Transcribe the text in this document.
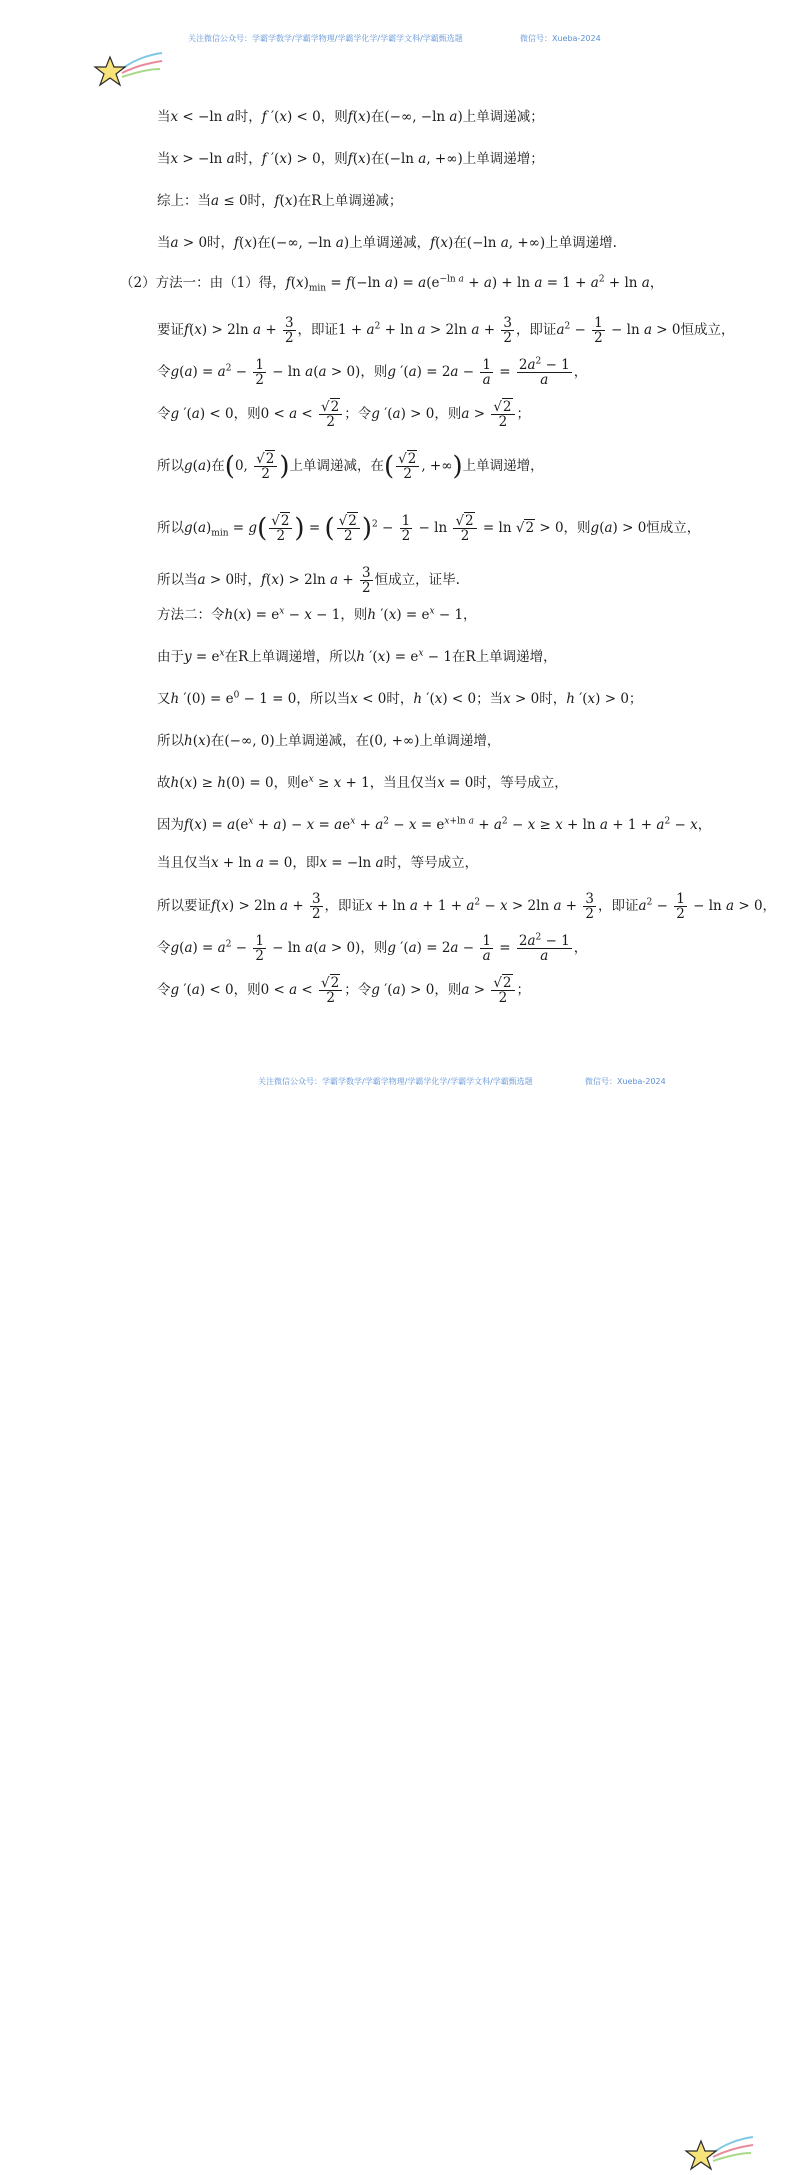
关注微信公众号：学霸学数学/学霸学物理/学霸学化学/学霸学文科/学霸甄选题	微信号：Xueba-2024
当x < −ln a时，f ′(x) < 0，则f(x)在(−∞, −ln a)上单调递减；
当x > −ln a时，f ′(x) > 0，则f(x)在(−ln a, +∞)上单调递增；
综上：当a ≤ 0时，f(x)在R上单调递减；
当a > 0时，f(x)在(−∞, −ln a)上单调递减，f(x)在(−ln a, +∞)上单调递增.
（2）方法一：由（1）得，$f(x)_{min} = f(-\ln$ $a) = a(e^{-ln a} + a) + \ln a = 1 + a^2 + \ln a$，
要证f(x) > 2ln $a + \frac{3}{2}$ ，即证$1 + a^2 + \ln a > 2\ln$ $a + \frac{3}{2}$ ，即证$a^2 - \frac{1}{2} - \ln a > 0$恒成立，
令$g(a) = a^2 - \frac{1}{2} - \ln a(a > 0)$，则g $'(a) = 2a - \frac{1}{a} = \frac{2a^2 - 1}{a}$ ，
令g ′(a) < 0，则$0 < a < \frac{√2}{2}$ ；令g ′(a) > 0，则$a > \frac{√2}{2}$ ；
所以g(a)在(0, $\frac{√2}{2}$ )上单调递减，在( $\frac{√2}{2}$ , +∞)上单调递增，
所以$g(a)_{min} = g( \frac{√2}{2}$ ) = ( $\frac{√2}{2} )^2 - \frac{1}{2} - \ln \frac{√2}{2} = \ln √2 > 0$，则g(a) > 0恒成立，
所以当a > 0时，f(x) > 2ln $a + \frac{3}{2}$ 恒成立，证毕.
方法二：令$h(x) = e^x - x - 1$，则h $'(x) = e^x - 1$，
由于$y = e^x$在R上单调递增，所以h $'(x) = e^x - 1$在R上单调递增，
又h $'(0) = e^0 - 1 = 0$，所以当x < 0时，h ′(x) < 0；当x > 0时，h ′(x) > 0；
所以h(x)在(−∞, 0)上单调递减，在(0, +∞)上单调递增，
故h(x) ≥ h(0) = 0，则$e^x \ge x + 1$，当且仅当x = 0时，等号成立，
因为$f(x) = a(e^x + a) - x = ae^x + a^2 - x = e^{x+ln a} + a^2 - x \ge x + \ln a + 1 + a^2 - x$，
当且仅当x + ln a = 0，即x = −ln a时，等号成立，
所以要证f(x) > 2ln $a + \frac{3}{2}$ ，即证$x + \ln a + 1 + a^2 - x > 2\ln$ $a + \frac{3}{2}$ ，即证$a^2 - \frac{1}{2} - \ln a > 0$，
令$g(a) = a^2 - \frac{1}{2} - \ln a(a > 0)$，则g $'(a) = 2a - \frac{1}{a} = \frac{2a^2 - 1}{a}$ ，
令g ′(a) < 0，则$0 < a < \frac{√2}{2}$ ；令g ′(a) > 0，则$a > \frac{√2}{2}$ ；
关注微信公众号：学霸学数学/学霸学物理/学霸学化学/学霸学文科/学霸甄选题	微信号：Xueba-2024
